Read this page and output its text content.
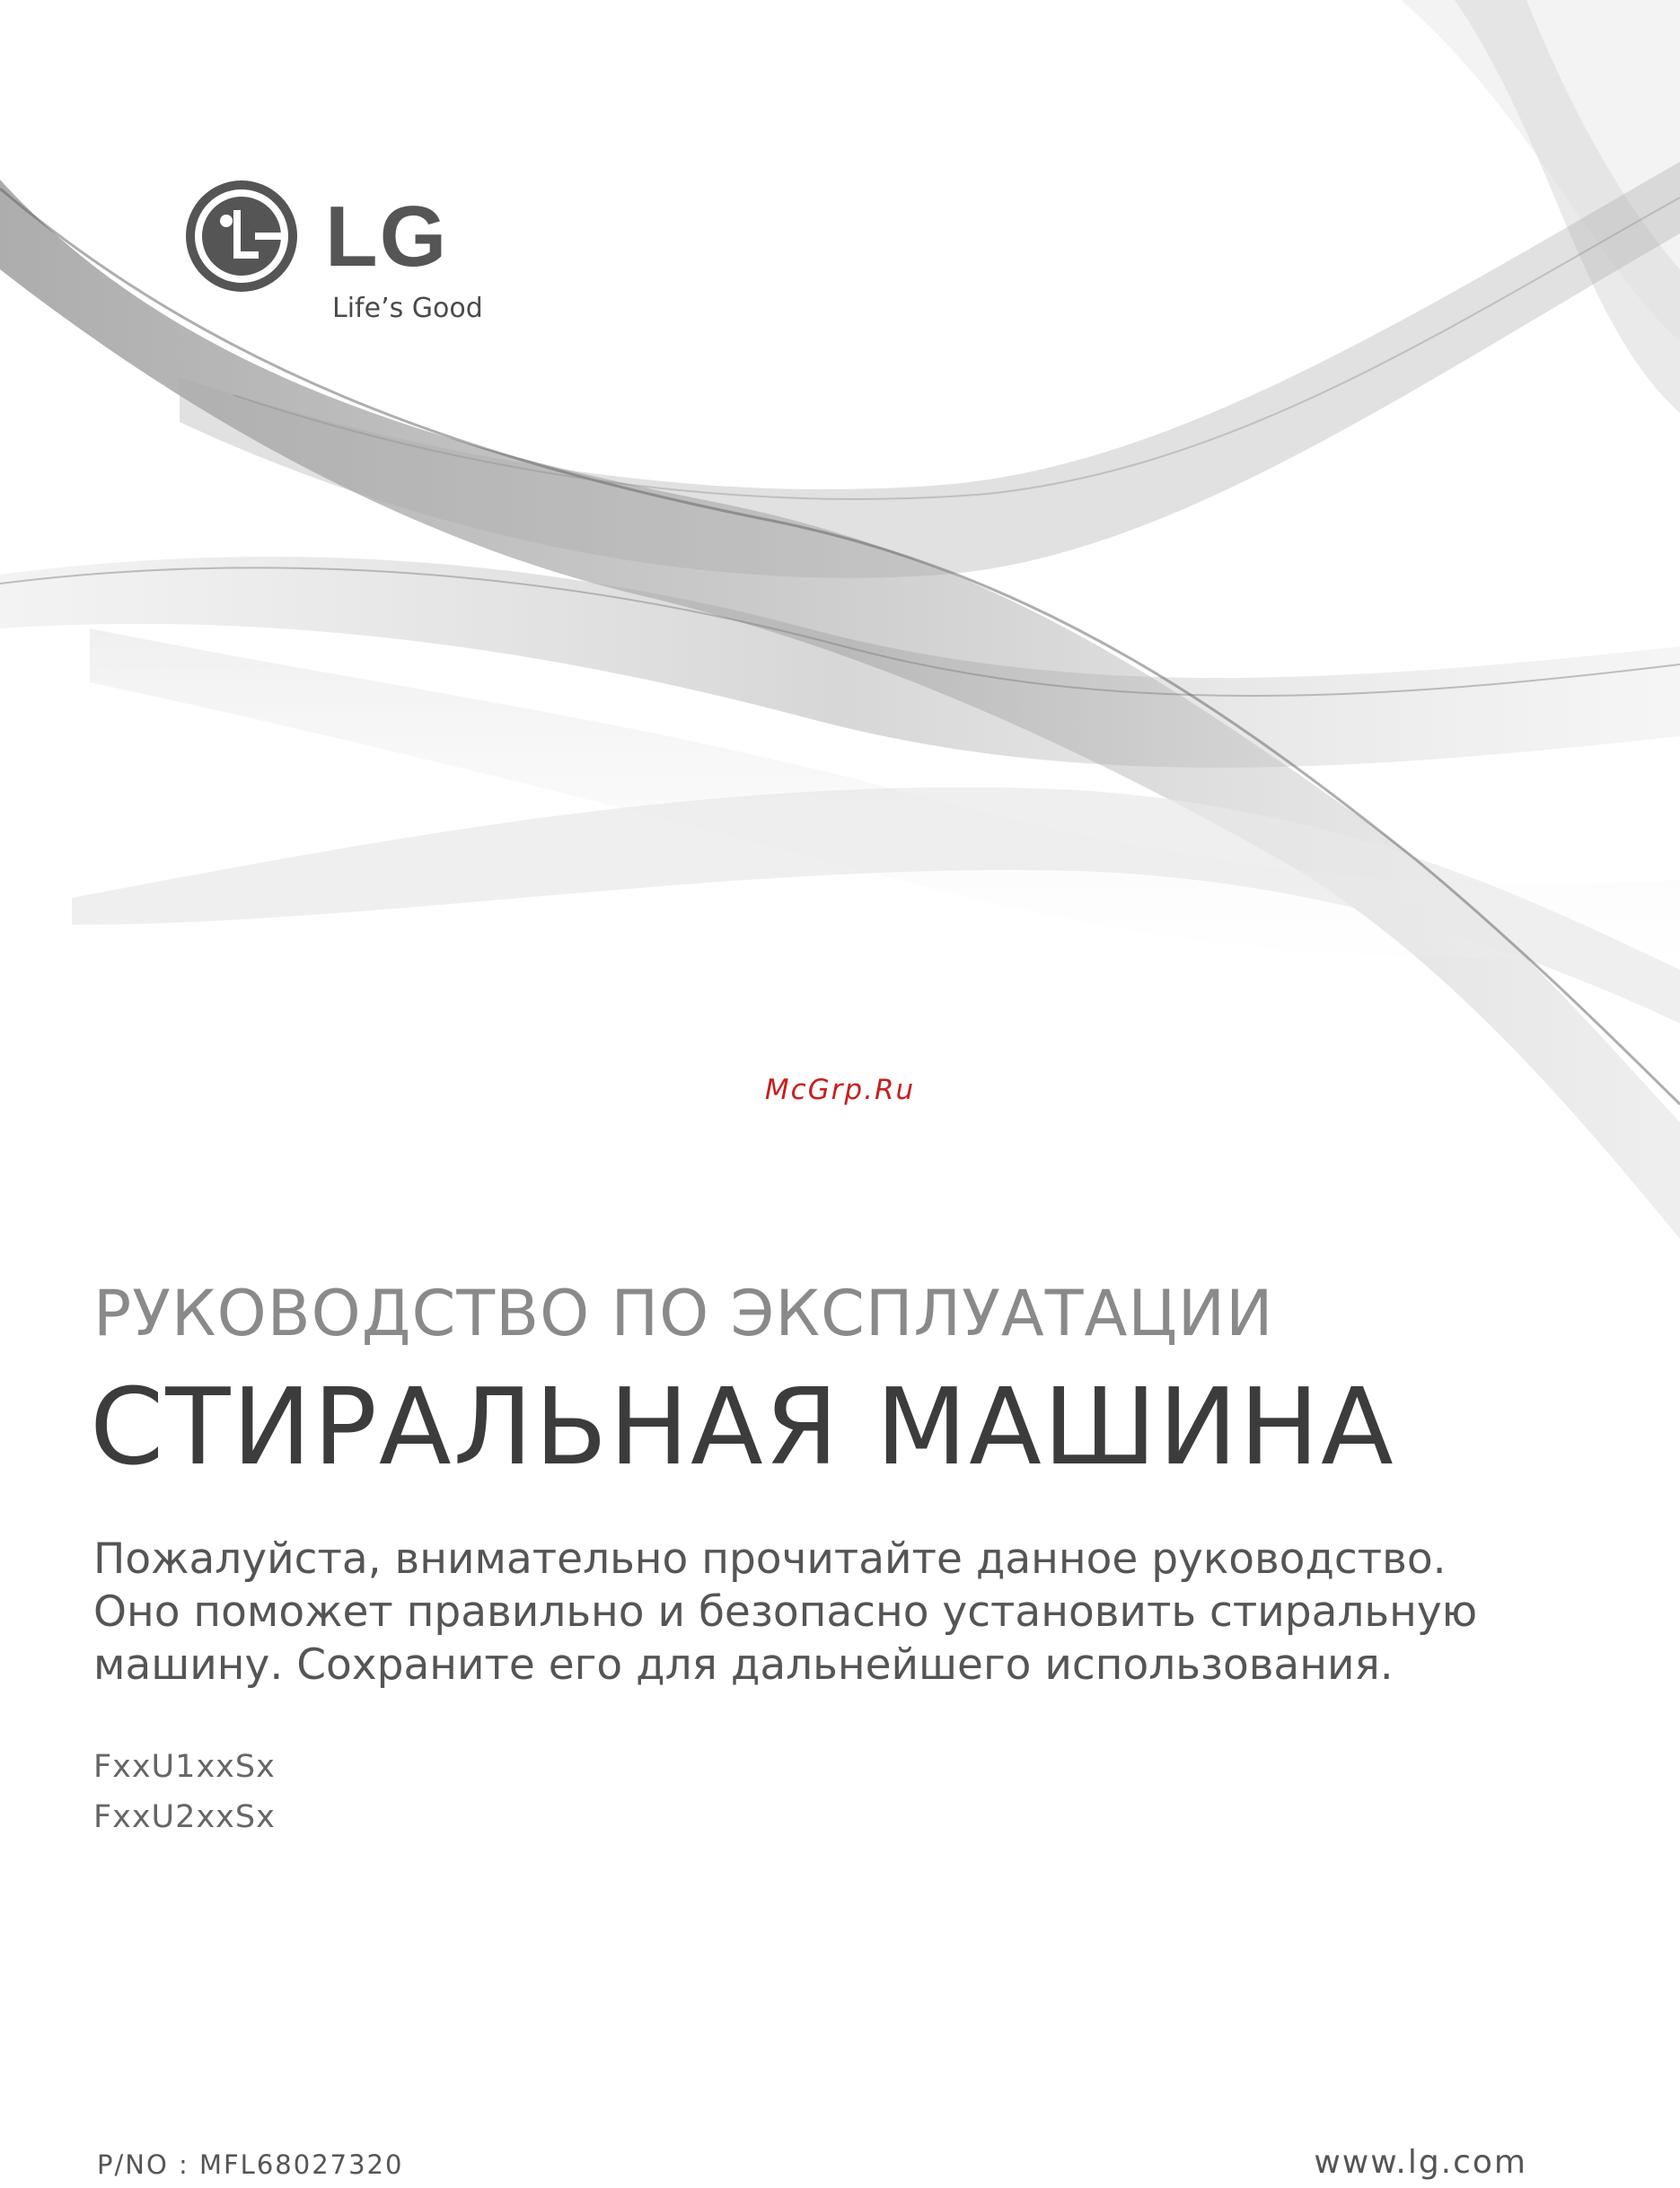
LG
Life’s Good
McGrp.Ru
РУКОВОДСТВО ПО ЭКСПЛУАТАЦИИ
СТИРАЛЬНАЯ МАШИНА
Пожалуйста, внимательно прочитайте данное руководство.
Оно поможет правильно и безопасно установить стиральную
машину. Сохраните его для дальнейшего использования.
FxxU1xxSx
FxxU2xxSx
P/NO : MFL68027320	www.lg.com
